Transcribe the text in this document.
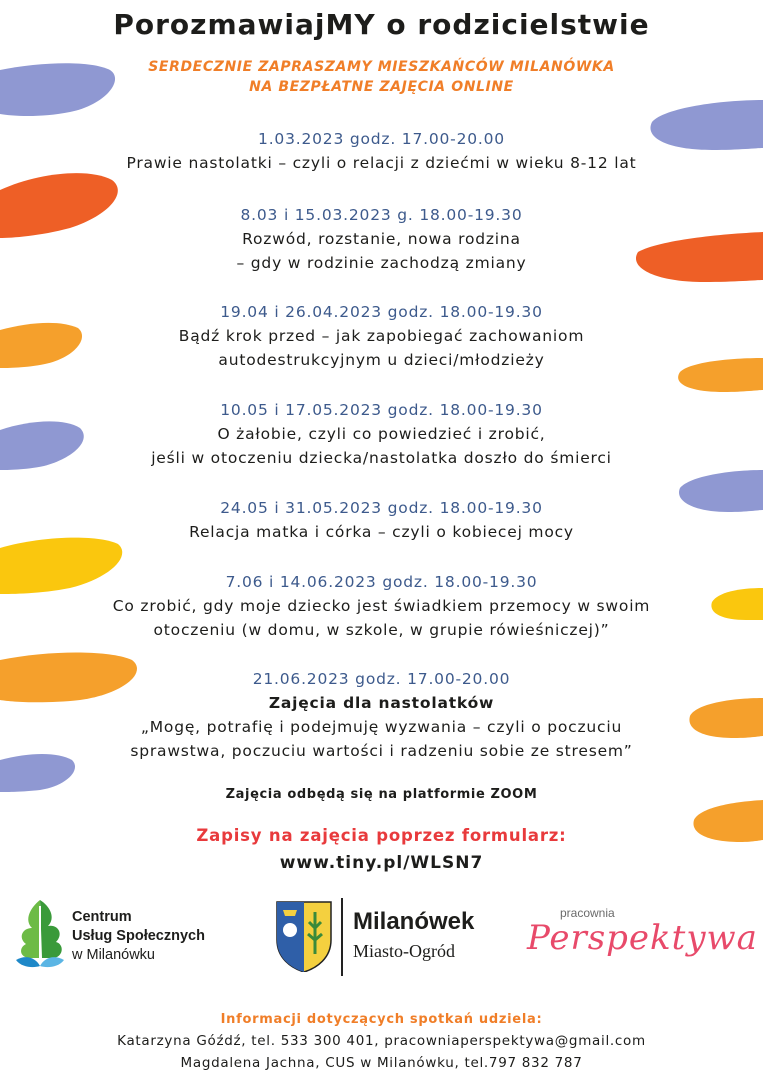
PorozmawiajMY o rodzicielstwie
SERDECZNIE ZAPRASZAMY MIESZKAŃCÓW MILANÓWKA
NA BEZPŁATNE ZAJĘCIA ONLINE
1.03.2023 godz. 17.00-20.00
Prawie nastolatki – czyli o relacji z dziećmi w wieku 8-12 lat
8.03 i 15.03.2023 g. 18.00-19.30
Rozwód, rozstanie, nowa rodzina
– gdy w rodzinie zachodzą zmiany
19.04 i 26.04.2023 godz. 18.00-19.30
Bądź krok przed – jak zapobiegać zachowaniom
autodestrukcyjnym u dzieci/młodzieży
10.05 i 17.05.2023 godz. 18.00-19.30
O żałobie, czyli co powiedzieć i zrobić,
jeśli w otoczeniu dziecka/nastolatka doszło do śmierci
24.05 i 31.05.2023 godz. 18.00-19.30
Relacja matka i córka – czyli o kobiecej mocy
7.06 i 14.06.2023 godz. 18.00-19.30
Co zrobić, gdy moje dziecko jest świadkiem przemocy w swoim
otoczeniu (w domu, w szkole, w grupie rówieśniczej)”
21.06.2023 godz. 17.00-20.00
Zajęcia dla nastolatków
„Mogę, potrafię i podejmuję wyzwania – czyli o poczuciu
sprawstwa, poczuciu wartości i radzeniu sobie ze stresem”
Zajęcia odbędą się na platformie ZOOM
Zapisy na zajęcia poprzez formularz:
www.tiny.pl/WLSN7
Centrum
Usług Społecznych
w Milanówku
Milanówek
Miasto-Ogród
pracownia
Perspektywa
Informacji dotyczących spotkań udziela:
Katarzyna Góźdź, tel. 533 300 401, pracowniaperspektywa@gmail.com
Magdalena Jachna, CUS w Milanówku, tel.797 832 787
